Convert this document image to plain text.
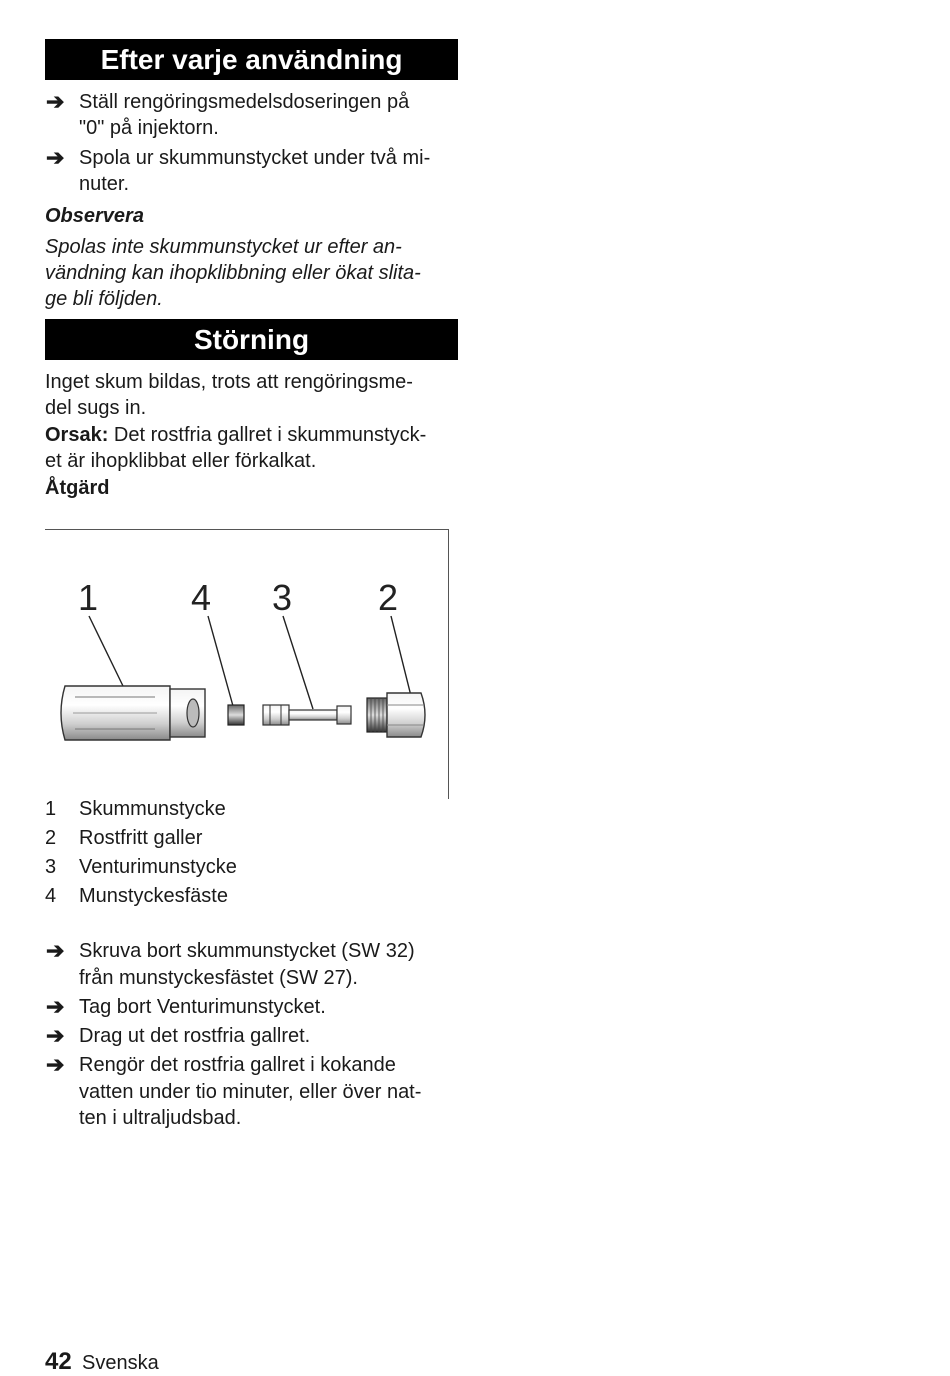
Efter varje användning
➔ Ställ rengöringsmedelsdoseringen på
"0" på injektorn.
➔ Spola ur skummunstycket under två mi-
nuter.
Observera
Spolas inte skummunstycket ur efter an-
vändning kan ihopklibbning eller ökat slita-
ge bli följden.
Störning
Inget skum bildas, trots att rengöringsme-
del sugs in.
Orsak: Det rostfria gallret i skummunstyck-
et är ihopklibbat eller förkalkat.
Åtgärd
1	4 3 2
1 Skummunstycke
2 Rostfritt galler
3 Venturimunstycke
4 Munstyckesfäste
➔ Skruva bort skummunstycket (SW 32)
från munstyckesfästet (SW 27).
➔ Tag bort Venturimunstycket.
➔ Drag ut det rostfria gallret.
➔ Rengör det rostfria gallret i kokande
vatten under tio minuter, eller över nat-
ten i ultraljudsbad.
42 Svenska
